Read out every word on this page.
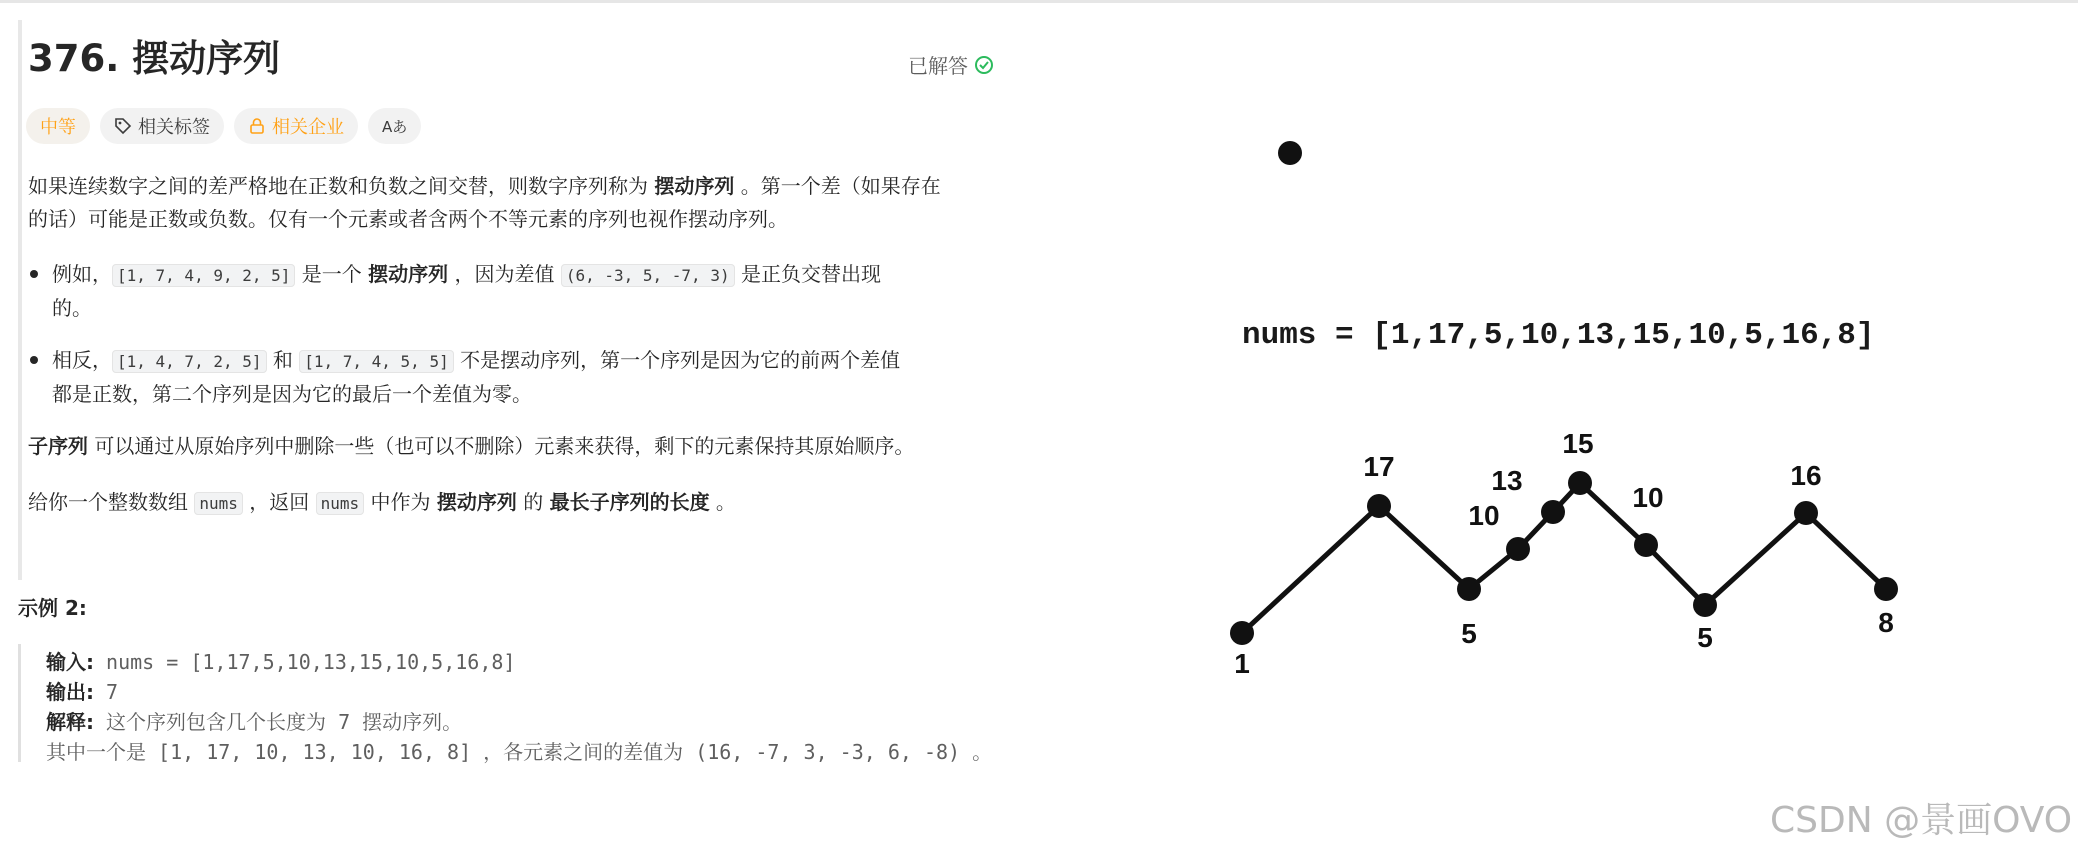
376. 摆动序列	已解答
中等	相关标签	相关企业	Aあ
如果连续数字之间的差严格地在正数和负数之间交替，则数字序列称为 摆动序列 。第一个差（如果存在
的话）可能是正数或负数。仅有一个元素或者含两个不等元素的序列也视作摆动序列。
例如， [1, 7, 4, 9, 2, 5] 是一个 摆动序列 ，因为差值 (6, -3, 5, -7, 3) 是正负交替出现
的。
相反， [1, 4, 7, 2, 5] 和 [1, 7, 4, 5, 5] 不是摆动序列，第一个序列是因为它的前两个差值
都是正数，第二个序列是因为它的最后一个差值为零。
子序列 可以通过从原始序列中删除一些（也可以不删除）元素来获得，剩下的元素保持其原始顺序。
给你一个整数数组 nums ，返回 nums 中作为 摆动序列 的 最长子序列的长度 。
示例 2:
输入: nums = [1,17,5,10,13,15,10,5,16,8]
输出: 7
解释: 这个序列包含几个长度为 7 摆动序列。
其中一个是 [1, 17, 10, 13, 10, 16, 8] ，各元素之间的差值为 (16, -7, 3, -3, 6, -8) 。
nums = [1,17,5,10,13,15,10,5,16,8]
1
17
5
10
13
15
10
5
16
8
CSDN @景画OVO
